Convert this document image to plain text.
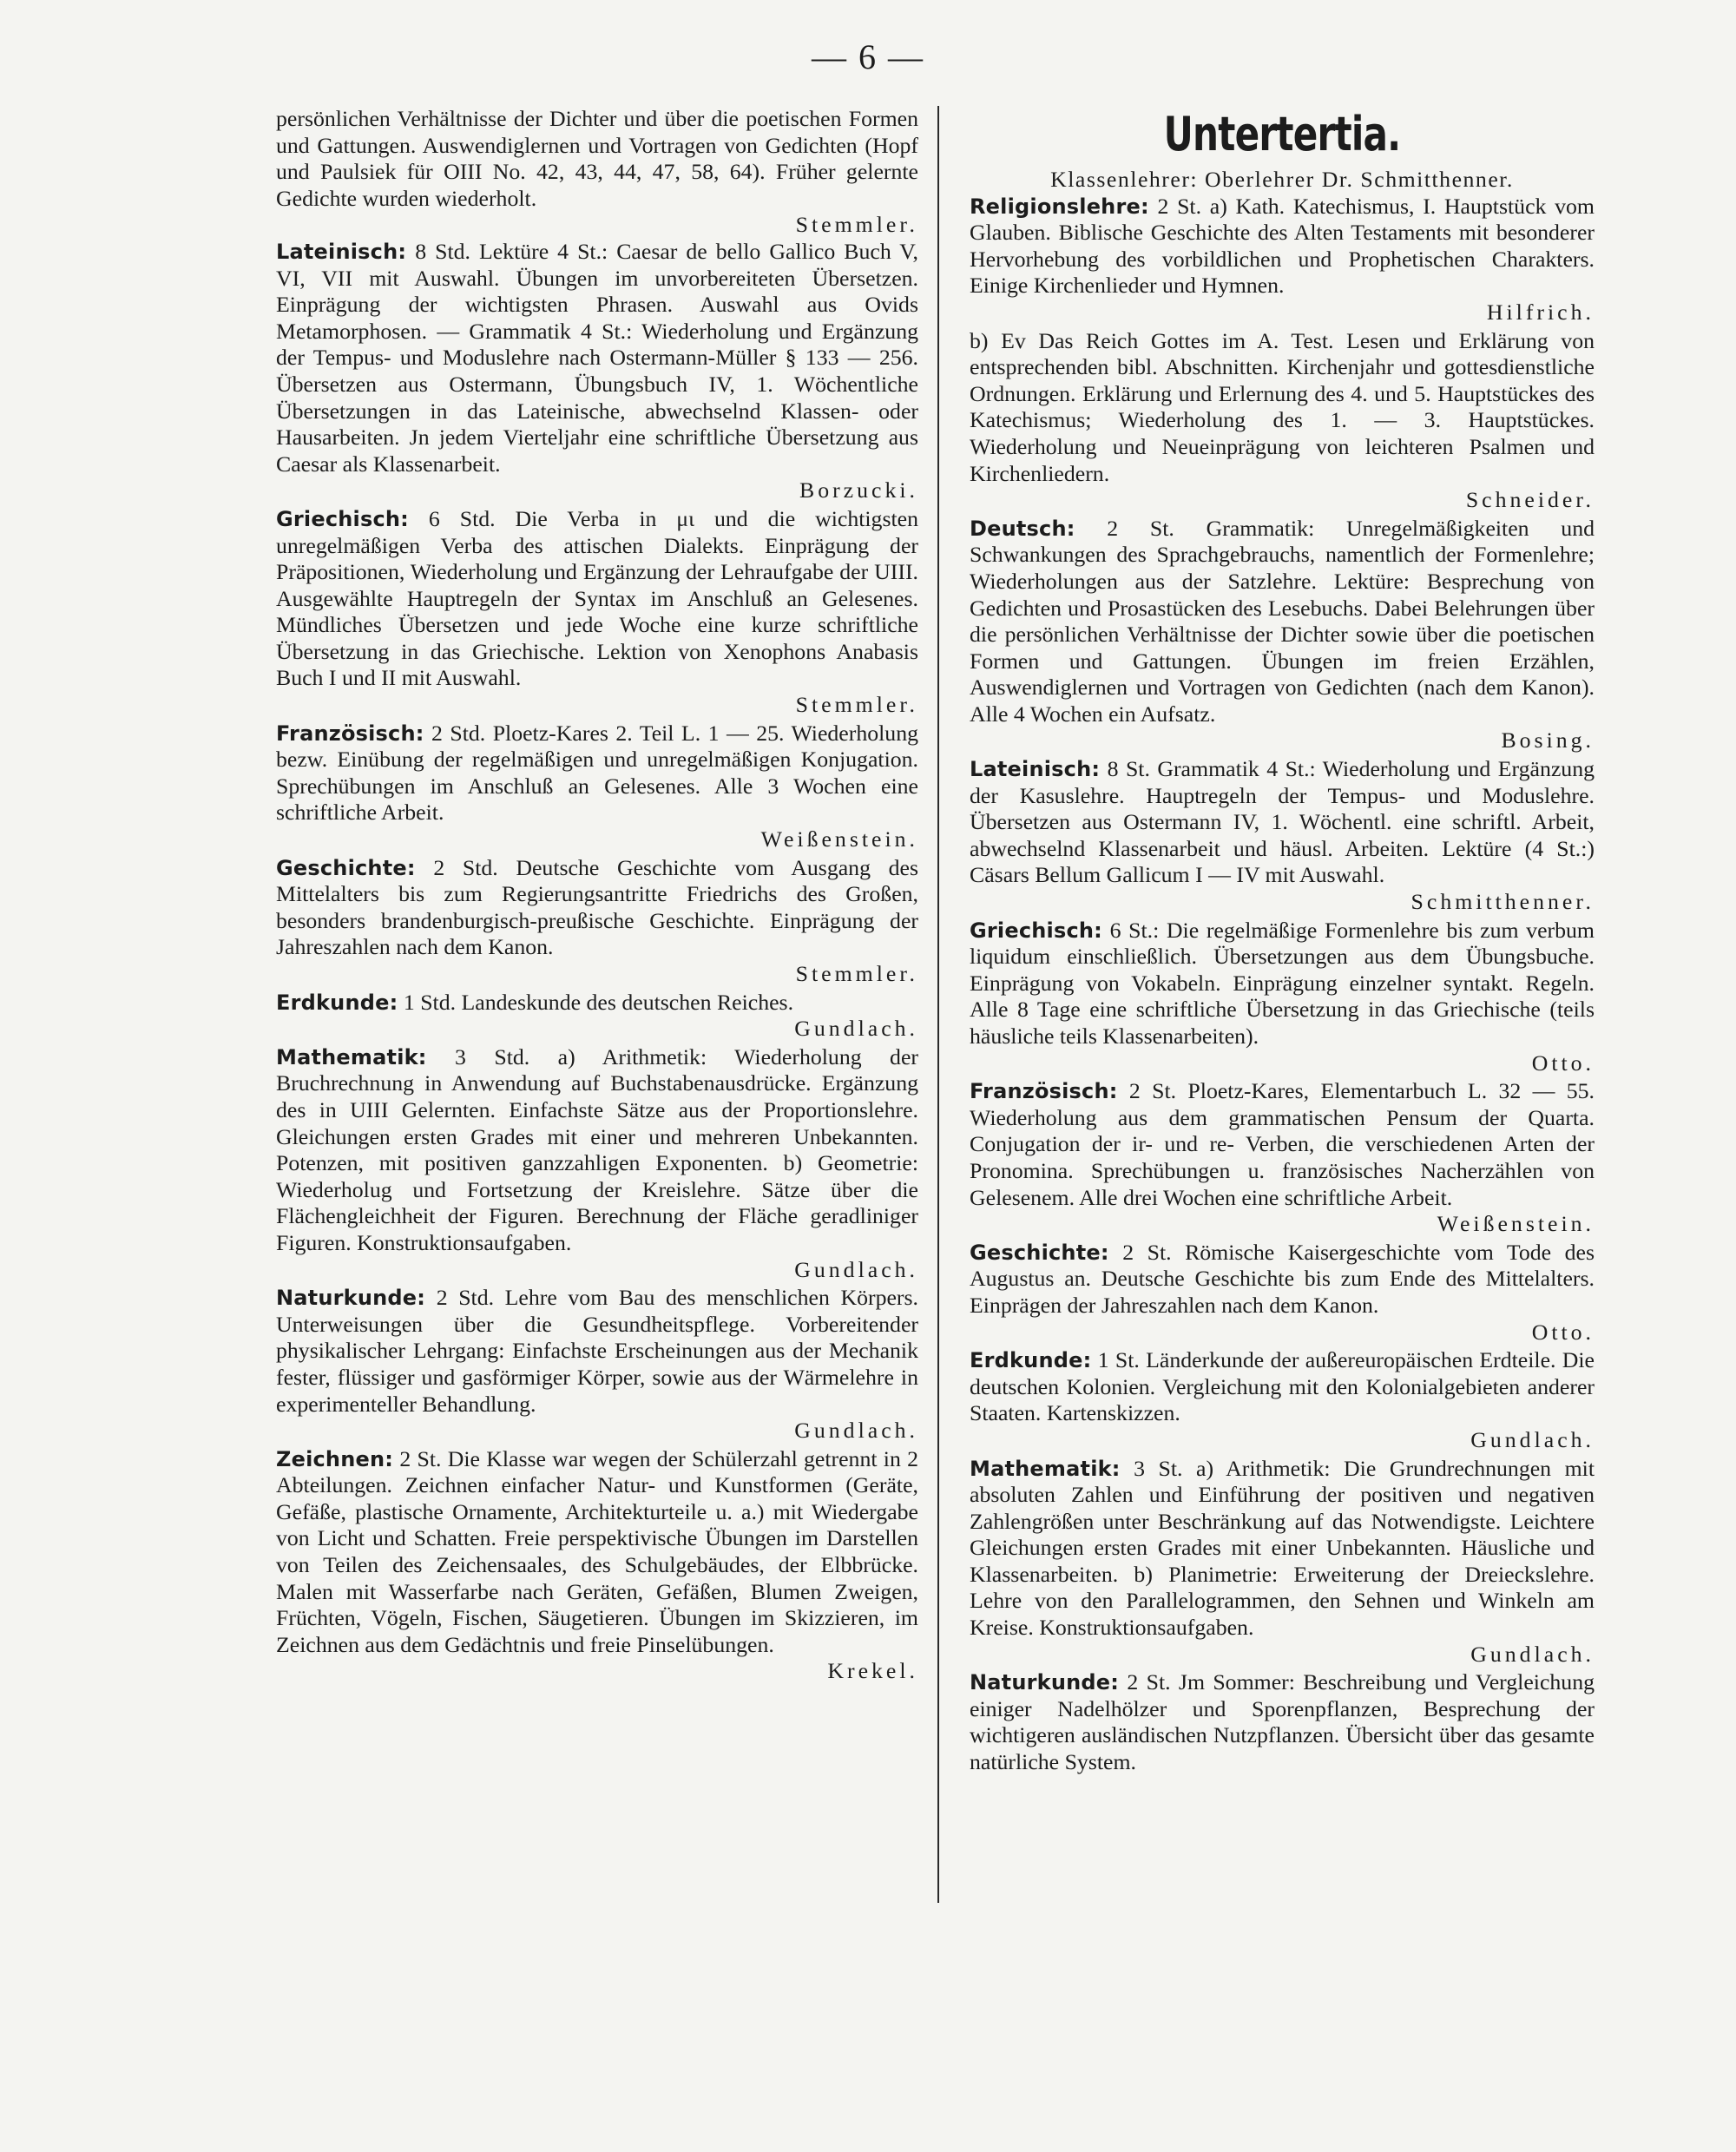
— 6 —

persönlichen Verhältnisse der Dichter und über die poetischen Formen und Gattungen. Auswendiglernen und Vortragen von Gedichten (Hopf und Paulsiek für OIII No. 42, 43, 44, 47, 58, 64). Früher gelernte Gedichte wurden wiederholt.
Stemmler.

Lateinisch: 8 Std. Lektüre 4 St.: Caesar de bello Gallico Buch V, VI, VII mit Auswahl. Übungen im unvorbereiteten Übersetzen. Einprägung der wichtigsten Phrasen. Auswahl aus Ovids Metamorphosen. — Grammatik 4 St.: Wiederholung und Ergänzung der Tempus- und Moduslehre nach Ostermann-Müller § 133 — 256. Übersetzen aus Ostermann, Übungsbuch IV, 1. Wöchentliche Übersetzungen in das Lateinische, abwechselnd Klassen- oder Hausarbeiten. Jn jedem Vierteljahr eine schriftliche Übersetzung aus Caesar als Klassenarbeit.
Borzucki.

Griechisch: 6 Std. Die Verba in μι und die wichtigsten unregelmäßigen Verba des attischen Dialekts. Einprägung der Präpositionen, Wiederholung und Ergänzung der Lehraufgabe der UIII. Ausgewählte Hauptregeln der Syntax im Anschluß an Gelesenes. Mündliches Übersetzen und jede Woche eine kurze schriftliche Übersetzung in das Griechische. Lektion von Xenophons Anabasis Buch I und II mit Auswahl.
Stemmler.

Französisch: 2 Std. Ploetz-Kares 2. Teil L. 1 — 25. Wiederholung bezw. Einübung der regelmäßigen und unregelmäßigen Konjugation. Sprechübungen im Anschluß an Gelesenes. Alle 3 Wochen eine schriftliche Arbeit.
Weißenstein.

Geschichte: 2 Std. Deutsche Geschichte vom Ausgang des Mittelalters bis zum Regierungsantritte Friedrichs des Großen, besonders brandenburgisch-preußische Geschichte. Einprägung der Jahreszahlen nach dem Kanon.
Stemmler.

Erdkunde: 1 Std. Landeskunde des deutschen Reiches.
Gundlach.

Mathematik: 3 Std. a) Arithmetik: Wiederholung der Bruchrechnung in Anwendung auf Buchstabenausdrücke. Ergänzung des in UIII Gelernten. Einfachste Sätze aus der Proportionslehre. Gleichungen ersten Grades mit einer und mehreren Unbekannten. Potenzen, mit positiven ganzzahligen Exponenten. b) Geometrie: Wiederholug und Fortsetzung der Kreislehre. Sätze über die Flächengleichheit der Figuren. Berechnung der Fläche geradliniger Figuren. Konstruktionsaufgaben.
Gundlach.

Naturkunde: 2 Std. Lehre vom Bau des menschlichen Körpers. Unterweisungen über die Gesundheitspflege. Vorbereitender physikalischer Lehrgang: Einfachste Erscheinungen aus der Mechanik fester, flüssiger und gasförmiger Körper, sowie aus der Wärmelehre in experimenteller Behandlung.
Gundlach.

Zeichnen: 2 St. Die Klasse war wegen der Schülerzahl getrennt in 2 Abteilungen. Zeichnen einfacher Natur- und Kunstformen (Geräte, Gefäße, plastische Ornamente, Architekturteile u. a.) mit Wiedergabe von Licht und Schatten. Freie perspektivische Übungen im Darstellen von Teilen des Zeichensaales, des Schulgebäudes, der Elbbrücke. Malen mit Wasserfarbe nach Geräten, Gefäßen, Blumen Zweigen, Früchten, Vögeln, Fischen, Säugetieren. Übungen im Skizzieren, im Zeichnen aus dem Gedächtnis und freie Pinselübungen.
Krekel.

Untertertia.

Klassenlehrer: Oberlehrer Dr. Schmitthenner.

Religionslehre: 2 St. a) Kath. Katechismus, I. Hauptstück vom Glauben. Biblische Geschichte des Alten Testaments mit besonderer Hervorhebung des vorbildlichen und Prophetischen Charakters. Einige Kirchenlieder und Hymnen.
Hilfrich.

b) Ev Das Reich Gottes im A. Test. Lesen und Erklärung von entsprechenden bibl. Abschnitten. Kirchenjahr und gottesdienstliche Ordnungen. Erklärung und Erlernung des 4. und 5. Hauptstückes des Katechismus; Wiederholung des 1. — 3. Hauptstückes. Wiederholung und Neueinprägung von leichteren Psalmen und Kirchenliedern.
Schneider.

Deutsch: 2 St. Grammatik: Unregelmäßigkeiten und Schwankungen des Sprachgebrauchs, namentlich der Formenlehre; Wiederholungen aus der Satzlehre. Lektüre: Besprechung von Gedichten und Prosastücken des Lesebuchs. Dabei Belehrungen über die persönlichen Verhältnisse der Dichter sowie über die poetischen Formen und Gattungen. Übungen im freien Erzählen, Auswendiglernen und Vortragen von Gedichten (nach dem Kanon). Alle 4 Wochen ein Aufsatz.
Bosing.

Lateinisch: 8 St. Grammatik 4 St.: Wiederholung und Ergänzung der Kasuslehre. Hauptregeln der Tempus- und Moduslehre. Übersetzen aus Ostermann IV, 1. Wöchentl. eine schriftl. Arbeit, abwechselnd Klassenarbeit und häusl. Arbeiten. Lektüre (4 St.:) Cäsars Bellum Gallicum I — IV mit Auswahl.
Schmitthenner.

Griechisch: 6 St.: Die regelmäßige Formenlehre bis zum verbum liquidum einschließlich. Übersetzungen aus dem Übungsbuche. Einprägung von Vokabeln. Einprägung einzelner syntakt. Regeln. Alle 8 Tage eine schriftliche Übersetzung in das Griechische (teils häusliche teils Klassenarbeiten).
Otto.

Französisch: 2 St. Ploetz-Kares, Elementarbuch L. 32 — 55. Wiederholung aus dem grammatischen Pensum der Quarta. Conjugation der ir- und re- Verben, die verschiedenen Arten der Pronomina. Sprechübungen u. französisches Nacherzählen von Gelesenem. Alle drei Wochen eine schriftliche Arbeit.
Weißenstein.

Geschichte: 2 St. Römische Kaisergeschichte vom Tode des Augustus an. Deutsche Geschichte bis zum Ende des Mittelalters. Einprägen der Jahreszahlen nach dem Kanon.
Otto.

Erdkunde: 1 St. Länderkunde der außereuropäischen Erdteile. Die deutschen Kolonien. Vergleichung mit den Kolonialgebieten anderer Staaten. Kartenskizzen.
Gundlach.

Mathematik: 3 St. a) Arithmetik: Die Grundrechnungen mit absoluten Zahlen und Einführung der positiven und negativen Zahlengrößen unter Beschränkung auf das Notwendigste. Leichtere Gleichungen ersten Grades mit einer Unbekannten. Häusliche und Klassenarbeiten. b) Planimetrie: Erweiterung der Dreieckslehre. Lehre von den Parallelogrammen, den Sehnen und Winkeln am Kreise. Konstruktionsaufgaben.
Gundlach.

Naturkunde: 2 St. Jm Sommer: Beschreibung und Vergleichung einiger Nadelhölzer und Sporenpflanzen, Besprechung der wichtigeren ausländischen Nutzpflanzen. Übersicht über das gesamte natürliche System.
